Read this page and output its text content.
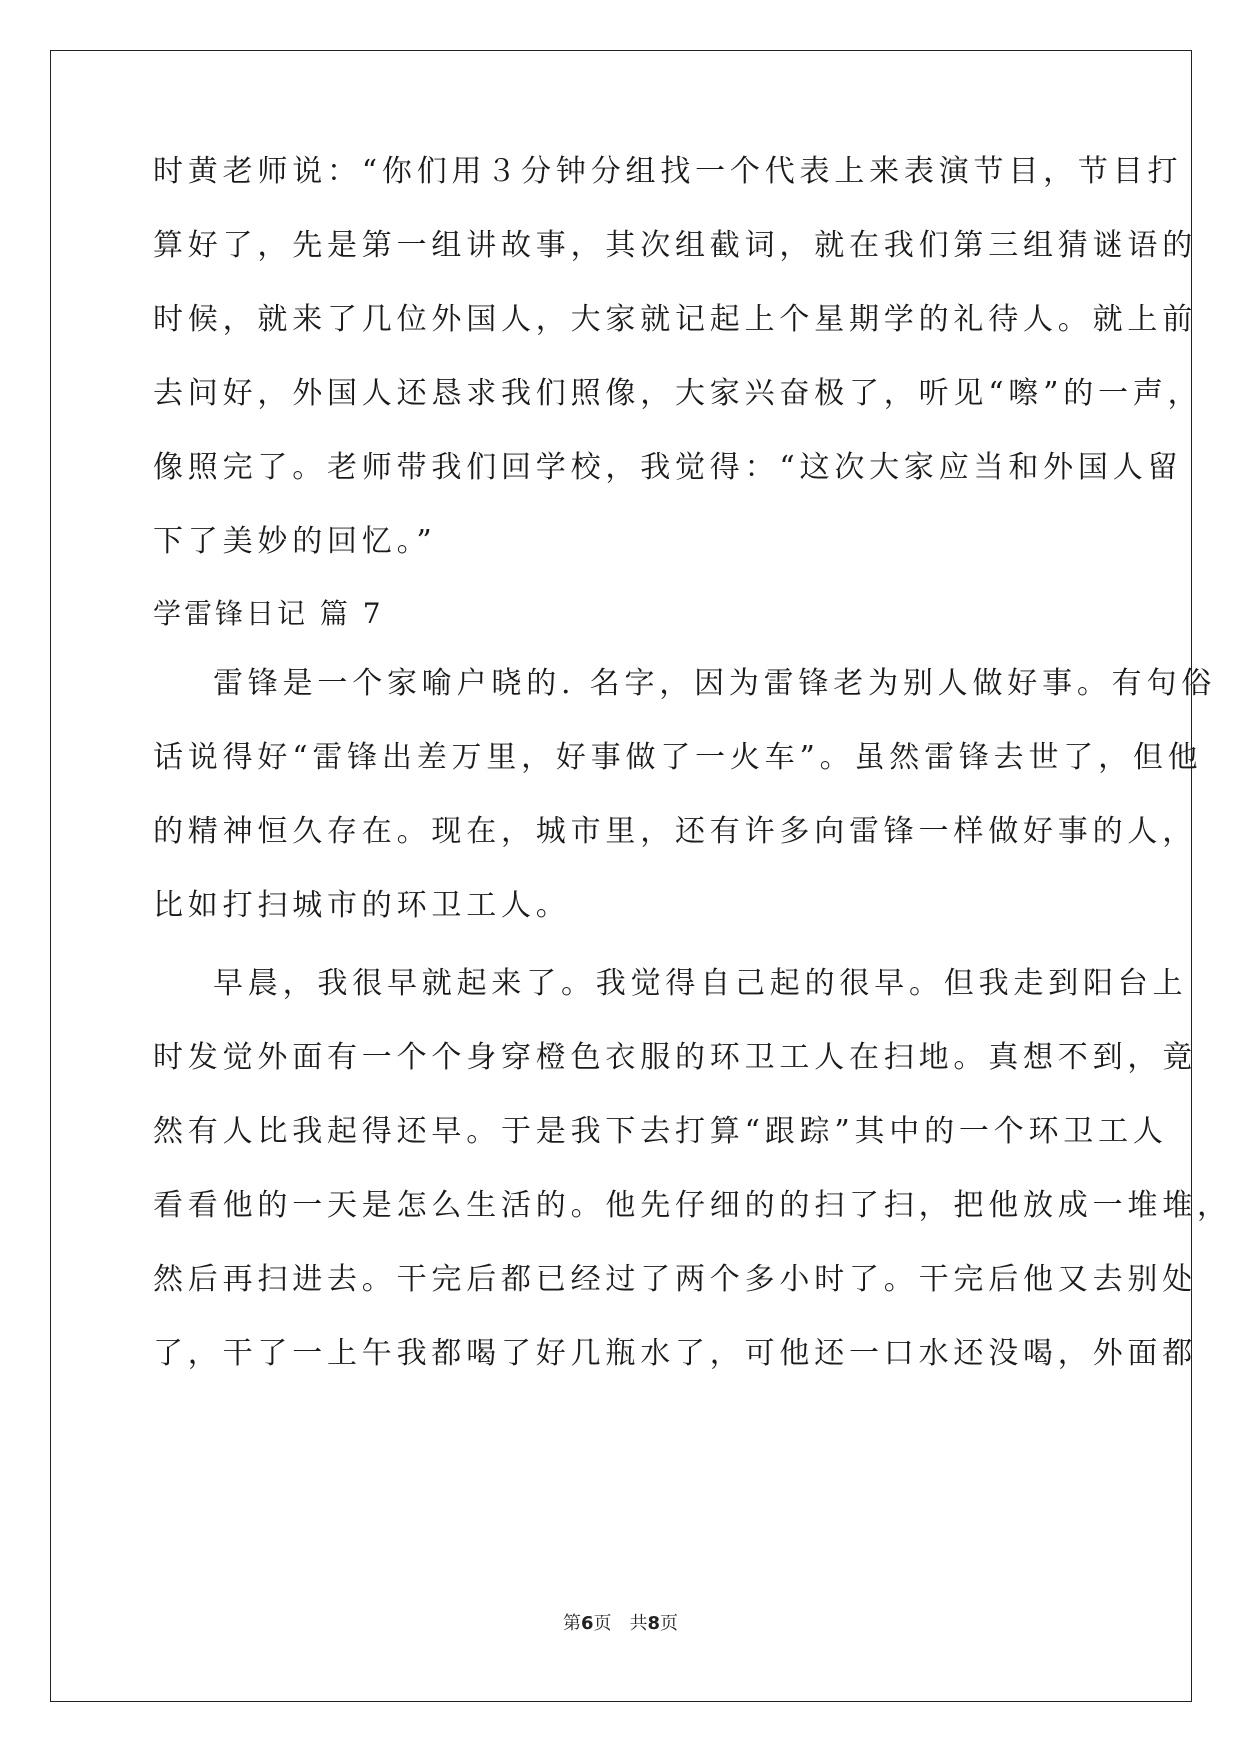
时黄老师说：“你们用３分钟分组找一个代表上来表演节目，节目打
算好了，先是第一组讲故事，其次组截词，就在我们第三组猜谜语的
时候，就来了几位外国人，大家就记起上个星期学的礼待人。就上前
去问好，外国人还恳求我们照像，大家兴奋极了，听见“嚓”的一声，
像照完了。老师带我们回学校，我觉得：“这次大家应当和外国人留
下了美妙的回忆。”
学雷锋日记 篇 7
雷锋是一个家喻户晓的. 名字，因为雷锋老为别人做好事。有句俗
话说得好“雷锋出差万里，好事做了一火车”。虽然雷锋去世了，但他
的精神恒久存在。现在，城市里，还有许多向雷锋一样做好事的人，
比如打扫城市的环卫工人。
早晨，我很早就起来了。我觉得自己起的很早。但我走到阳台上
时发觉外面有一个个身穿橙色衣服的环卫工人在扫地。真想不到，竟
然有人比我起得还早。于是我下去打算“跟踪”其中的一个环卫工人
看看他的一天是怎么生活的。他先仔细的的扫了扫，把他放成一堆堆，
然后再扫进去。干完后都已经过了两个多小时了。干完后他又去别处
了，干了一上午我都喝了好几瓶水了，可他还一口水还没喝，外面都
第6页 共8页
